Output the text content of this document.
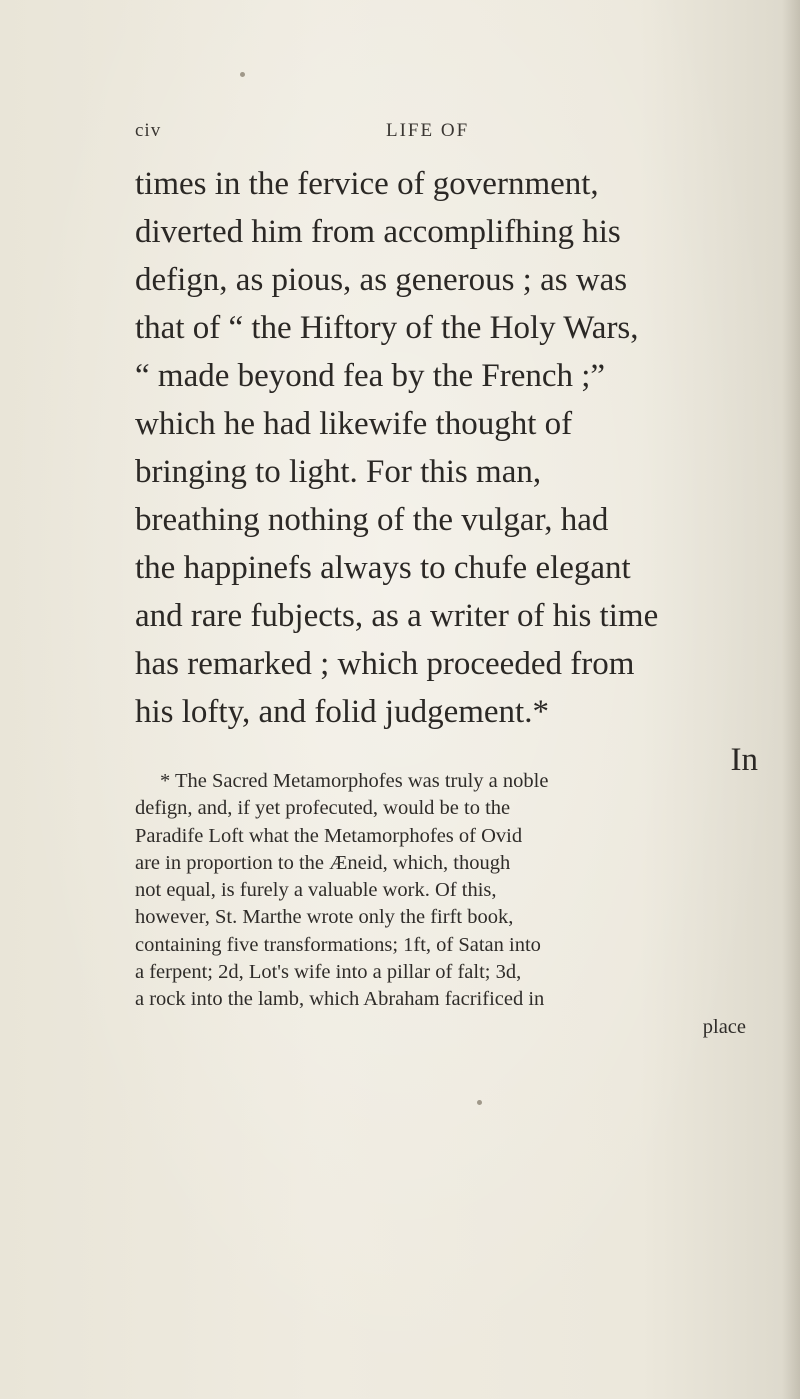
civ	LIFE OF
times in the fervice of government,
diverted him from accomplifhing his
defign, as pious, as generous ; as was
that of “ the Hiftory of the Holy Wars,
“ made beyond fea by the French ;”
which he had likewife thought of
bringing to light. For this man,
breathing nothing of the vulgar, had
the happinefs always to chufe elegant
and rare fubjects, as a writer of his time
has remarked ; which proceeded from
his lofty, and folid judgement.*
In
* The Sacred Metamorphofes was truly a noble
defign, and, if yet profecuted, would be to the
Paradife Loft what the Metamorphofes of Ovid
are in proportion to the Æneid, which, though
not equal, is furely a valuable work. Of this,
however, St. Marthe wrote only the firft book,
containing five transformations; 1ft, of Satan into
a ferpent; 2d, Lot's wife into a pillar of falt; 3d,
a rock into the lamb, which Abraham facrificed in
place
